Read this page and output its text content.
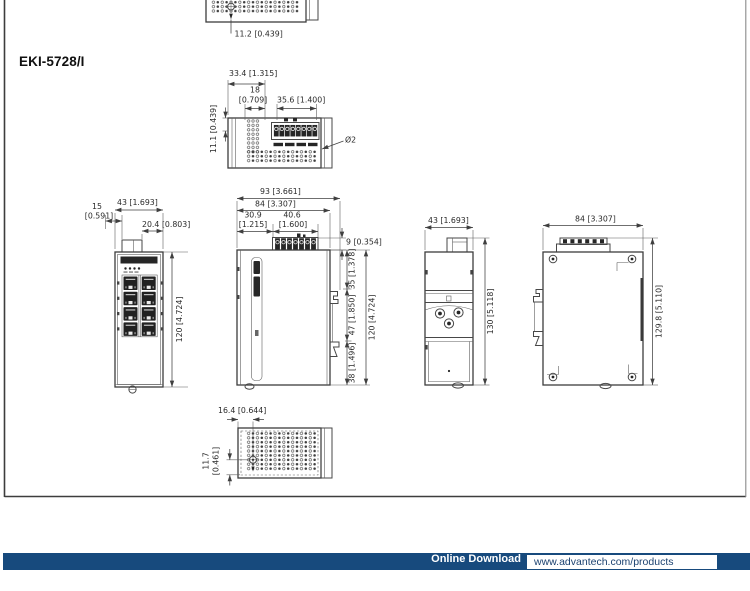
EKI-5728/I
11.2 [0.439]
33.4 [1.315]
18
[0.709] 35.6 [1.400]
11.1 [0.439]	Ø2
15
[0.591]
43 [1.693]
20.4 [0.803]
120 [4.724]
93 [3.661]
84 [3.307]
30.9
[1.215]
40.6
[1.600]
9 [0.354]
35 [1.378]
47 [1.850]
38 [1.496]
120 [4.724]
43 [1.693]
130 [5.118]
84 [3.307]
129.8 [5.110]
16.4 [0.644]
11.7 [0.461]
Online Download	www.advantech.com/products
